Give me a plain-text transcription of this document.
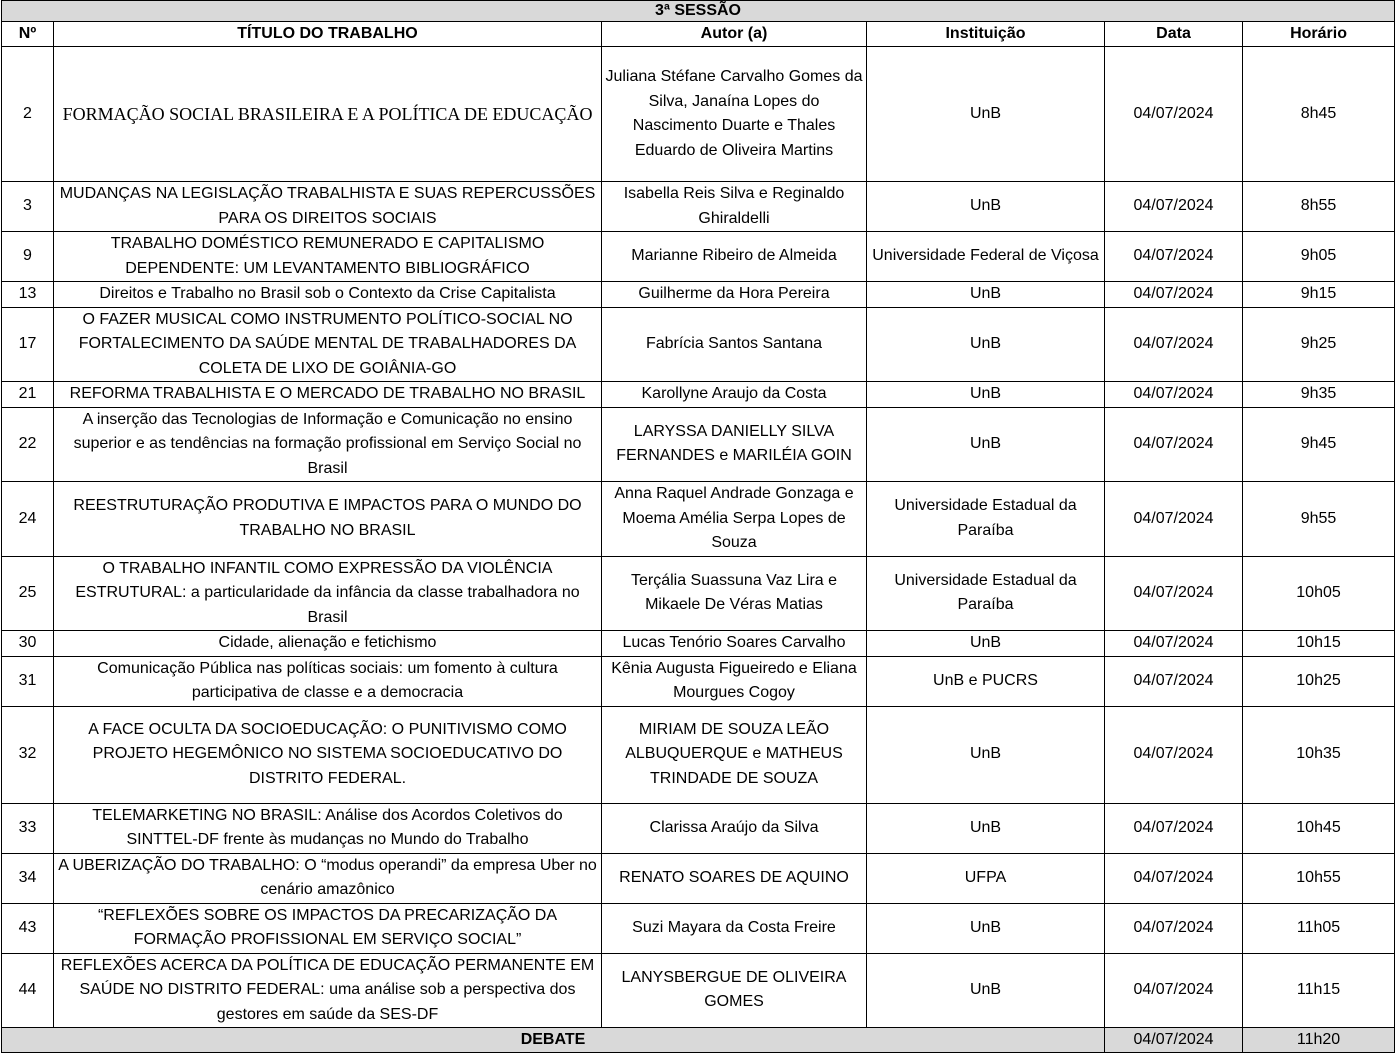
3ª SESSÃO					
Nº	TÍTULO DO TRABALHO	Autor (a)	Instituição	Data	Horário
2	FORMAÇÃO SOCIAL BRASILEIRA E A POLÍTICA DE EDUCAÇÃO	Juliana Stéfane Carvalho Gomes da Silva, Janaína Lopes do Nascimento Duarte e Thales Eduardo de Oliveira Martins	UnB	04/07/2024	8h45
3	MUDANÇAS NA LEGISLAÇÃO TRABALHISTA E SUAS REPERCUSSÕES PARA OS DIREITOS SOCIAIS	Isabella Reis Silva e Reginaldo Ghiraldelli	UnB	04/07/2024	8h55
9	TRABALHO DOMÉSTICO REMUNERADO E CAPITALISMO DEPENDENTE: UM LEVANTAMENTO BIBLIOGRÁFICO	Marianne Ribeiro de Almeida	Universidade Federal de Viçosa	04/07/2024	9h05
13	Direitos e Trabalho no Brasil sob o Contexto da Crise Capitalista	Guilherme da Hora Pereira	UnB	04/07/2024	9h15
17	O FAZER MUSICAL COMO INSTRUMENTO POLÍTICO-SOCIAL NO FORTALECIMENTO DA SAÚDE MENTAL DE TRABALHADORES DA COLETA DE LIXO DE GOIÂNIA-GO	Fabrícia Santos Santana	UnB	04/07/2024	9h25
21	REFORMA TRABALHISTA E O MERCADO DE TRABALHO NO BRASIL	Karollyne Araujo da Costa	UnB	04/07/2024	9h35
22	A inserção das Tecnologias de Informação e Comunicação no ensino superior e as tendências na formação profissional em Serviço Social no Brasil	LARYSSA DANIELLY SILVA FERNANDES e MARILÉIA GOIN	UnB	04/07/2024	9h45
24	REESTRUTURAÇÃO PRODUTIVA E IMPACTOS PARA O MUNDO DO TRABALHO NO BRASIL	Anna Raquel Andrade Gonzaga e Moema Amélia Serpa Lopes de Souza	Universidade Estadual da Paraíba	04/07/2024	9h55
25	O TRABALHO INFANTIL COMO EXPRESSÃO DA VIOLÊNCIA ESTRUTURAL: a particularidade da infância da classe trabalhadora no Brasil	Terçália Suassuna Vaz Lira e Mikaele De Véras Matias	Universidade Estadual da Paraíba	04/07/2024	10h05
30	Cidade, alienação e fetichismo	Lucas Tenório Soares Carvalho	UnB	04/07/2024	10h15
31	Comunicação Pública nas políticas sociais: um fomento à cultura participativa de classe e a democracia	Kênia Augusta Figueiredo e Eliana Mourgues Cogoy	UnB e PUCRS	04/07/2024	10h25
32	A FACE OCULTA DA SOCIOEDUCAÇÃO: O PUNITIVISMO COMO PROJETO HEGEMÔNICO NO SISTEMA SOCIOEDUCATIVO DO DISTRITO FEDERAL.	MIRIAM DE SOUZA LEÃO ALBUQUERQUE e MATHEUS TRINDADE DE SOUZA	UnB	04/07/2024	10h35
33	TELEMARKETING NO BRASIL: Análise dos Acordos Coletivos do SINTTEL-DF frente às mudanças no Mundo do Trabalho	Clarissa Araújo da Silva	UnB	04/07/2024	10h45
34	A UBERIZAÇÃO DO TRABALHO: O “modus operandi” da empresa Uber no cenário amazônico	RENATO SOARES DE AQUINO	UFPA	04/07/2024	10h55
43	“REFLEXÕES SOBRE OS IMPACTOS DA PRECARIZAÇÃO DA FORMAÇÃO PROFISSIONAL EM SERVIÇO SOCIAL”	Suzi Mayara da Costa Freire	UnB	04/07/2024	11h05
44	REFLEXÕES ACERCA DA POLÍTICA DE EDUCAÇÃO PERMANENTE EM SAÚDE NO DISTRITO FEDERAL: uma análise sob a perspectiva dos gestores em saúde da SES-DF	LANYSBERGUE DE OLIVEIRA GOMES	UnB	04/07/2024	11h15
DEBATE				04/07/2024	11h20
